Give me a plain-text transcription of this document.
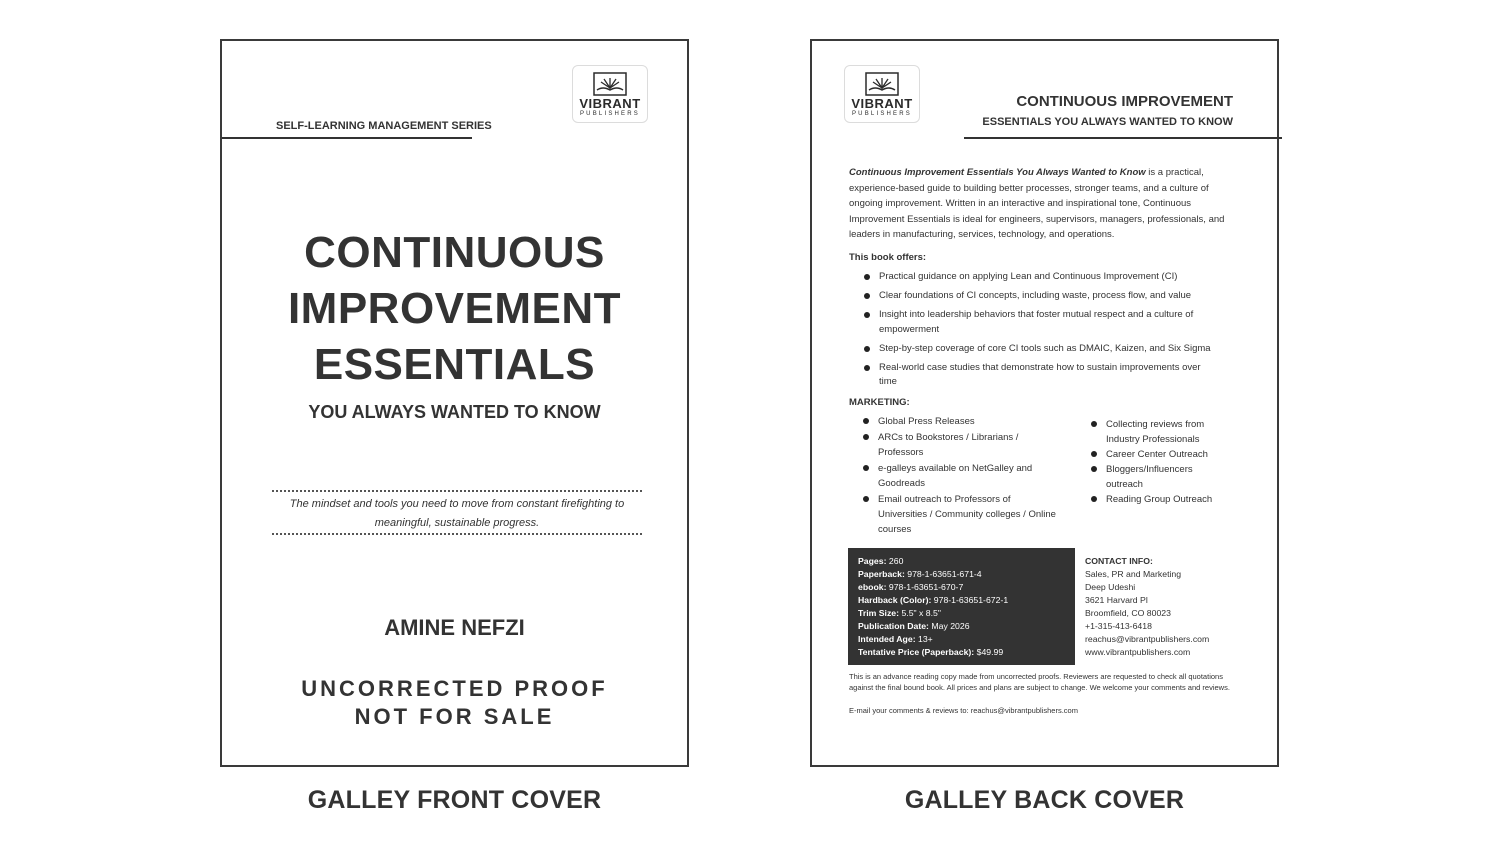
VIBRANT
PUBLISHERS
SELF-LEARNING MANAGEMENT SERIES
CONTINUOUS
IMPROVEMENT
ESSENTIALS
YOU ALWAYS WANTED TO KNOW
The mindset and tools you need to move from constant firefighting to
meaningful, sustainable progress.
AMINE NEFZI
UNCORRECTED PROOF
NOT FOR SALE
GALLEY FRONT COVER
VIBRANT
PUBLISHERS
CONTINUOUS IMPROVEMENT
ESSENTIALS YOU ALWAYS WANTED TO KNOW
Continuous Improvement Essentials You Always Wanted to Know is a practical, experience-based guide to building better processes, stronger teams, and a culture of ongoing improvement. Written in an interactive and inspirational tone, Continuous Improvement Essentials is ideal for engineers, supervisors, managers, professionals, and leaders in manufacturing, services, technology, and operations.
This book offers:
Practical guidance on applying Lean and Continuous Improvement (CI)
Clear foundations of CI concepts, including waste, process flow, and value
Insight into leadership behaviors that foster mutual respect and a culture of empowerment
Step-by-step coverage of core CI tools such as DMAIC, Kaizen, and Six Sigma
Real-world case studies that demonstrate how to sustain improvements over time
MARKETING:
Global Press Releases
ARCs to Bookstores / Librarians / Professors
e-galleys available on NetGalley and Goodreads
Email outreach to Professors of Universities / Community colleges / Online courses
Collecting reviews from Industry Professionals
Career Center Outreach
Bloggers/Influencers outreach
Reading Group Outreach
Pages: 260
Paperback: 978-1-63651-671-4
ebook: 978-1-63651-670-7
Hardback (Color): 978-1-63651-672-1
Trim Size: 5.5" x 8.5"
Publication Date: May 2026
Intended Age: 13+
Tentative Price (Paperback): $49.99
CONTACT INFO:
Sales, PR and Marketing
Deep Udeshi
3621 Harvard Pl
Broomfield, CO 80023
+1-315-413-6418
reachus@vibrantpublishers.com
www.vibrantpublishers.com
This is an advance reading copy made from uncorrected proofs. Reviewers are requested to check all quotations against the final bound book. All prices and plans are subject to change. We welcome your comments and reviews.
E-mail your comments & reviews to: reachus@vibrantpublishers.com
GALLEY BACK COVER
